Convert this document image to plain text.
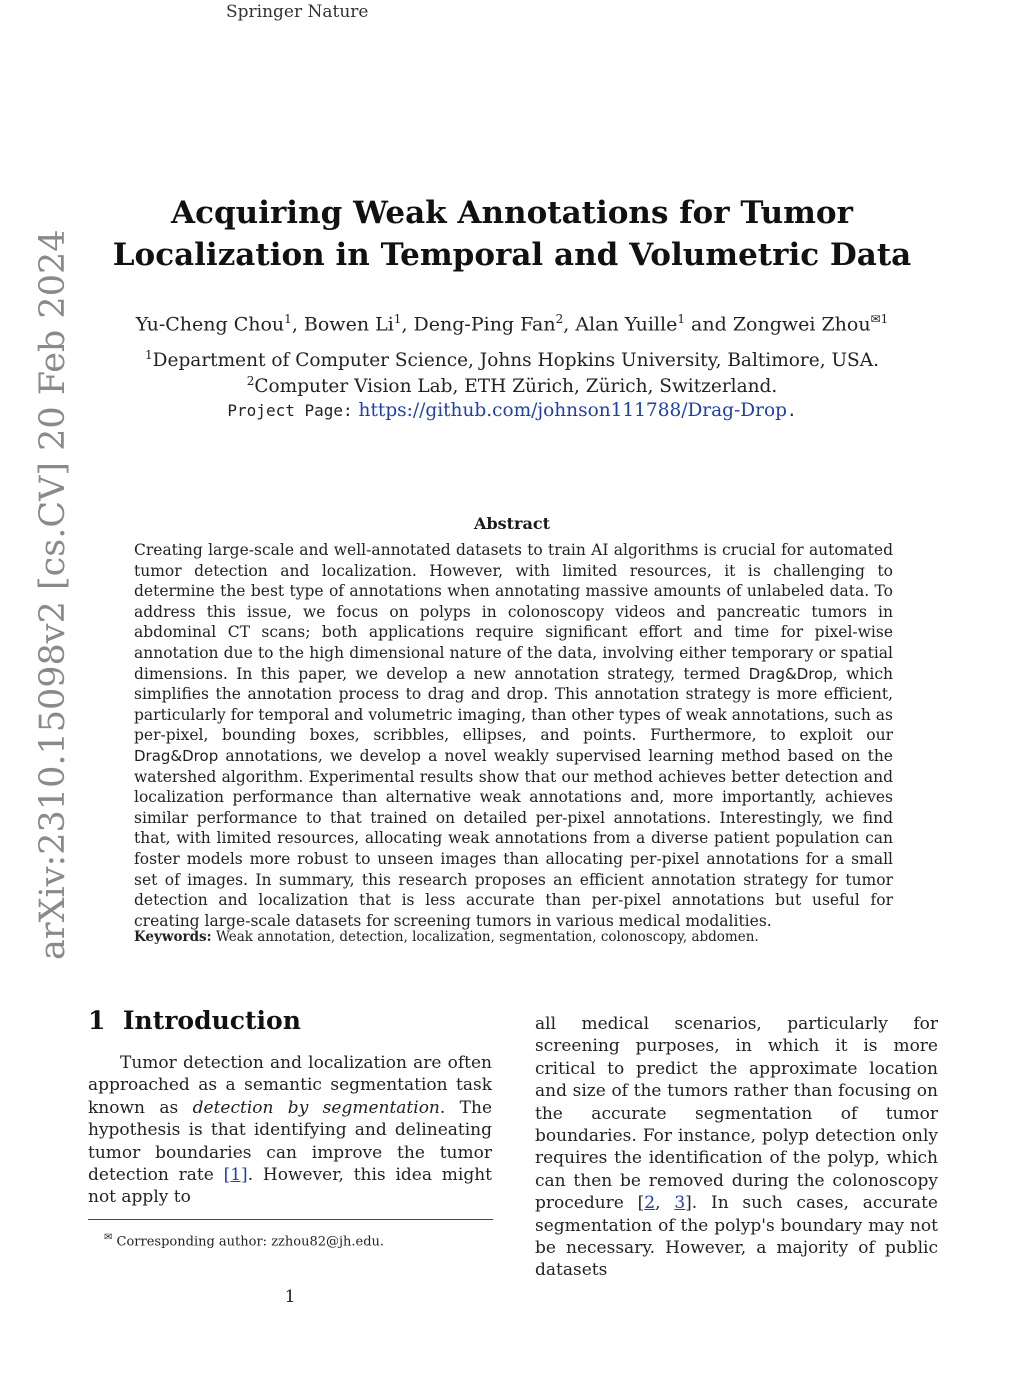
Springer Nature
arXiv:2310.15098v2 [cs.CV] 20 Feb 2024
Acquiring Weak Annotations for Tumor
Localization in Temporal and Volumetric Data
Yu-Cheng Chou$^1$, Bowen Li$^1$, Deng-Ping Fan$^2$, Alan Yuille$^1$ and Zongwei Zhou$^{✉1}$
$^1$Department of Computer Science, Johns Hopkins University, Baltimore, USA.
$^2$Computer Vision Lab, ETH Zürich, Zürich, Switzerland.
Project Page: https://github.com/johnson111788/Drag-Drop.
Abstract
Creating large-scale and well-annotated datasets to train AI algorithms is crucial for automated tumor detection and localization. However, with limited resources, it is challenging to determine the best type of annotations when annotating massive amounts of unlabeled data. To address this issue, we focus on polyps in colonoscopy videos and pancreatic tumors in abdominal CT scans; both applications require significant effort and time for pixel-wise annotation due to the high dimensional nature of the data, involving either temporary or spatial dimensions. In this paper, we develop a new annotation strategy, termed Drag&Drop, which simplifies the annotation process to drag and drop. This annotation strategy is more efficient, particularly for temporal and volumetric imaging, than other types of weak annotations, such as per-pixel, bounding boxes, scribbles, ellipses, and points. Furthermore, to exploit our Drag&Drop annotations, we develop a novel weakly supervised learning method based on the watershed algorithm. Experimental results show that our method achieves better detection and localization performance than alternative weak annotations and, more importantly, achieves similar performance to that trained on detailed per-pixel annotations. Interestingly, we find that, with limited resources, allocating weak annotations from a diverse patient population can foster models more robust to unseen images than allocating per-pixel annotations for a small set of images. In summary, this research proposes an efficient annotation strategy for tumor detection and localization that is less accurate than per-pixel annotations but useful for creating large-scale datasets for screening tumors in various medical modalities.
Keywords: Weak annotation, detection, localization, segmentation, colonoscopy, abdomen.
1 Introduction
Tumor detection and localization are often approached as a semantic segmentation task known as detection by segmentation. The hypothesis is that identifying and delineating tumor boundaries can improve the tumor detection rate [1]. However, this idea might not apply to
all medical scenarios, particularly for screening purposes, in which it is more critical to predict the approximate location and size of the tumors rather than focusing on the accurate segmentation of tumor boundaries. For instance, polyp detection only requires the identification of the polyp, which can then be removed during the colonoscopy procedure [2, 3]. In such cases, accurate segmentation of the polyp's boundary may not be necessary. However, a majority of public datasets
✉ Corresponding author: zzhou82@jh.edu.
1
